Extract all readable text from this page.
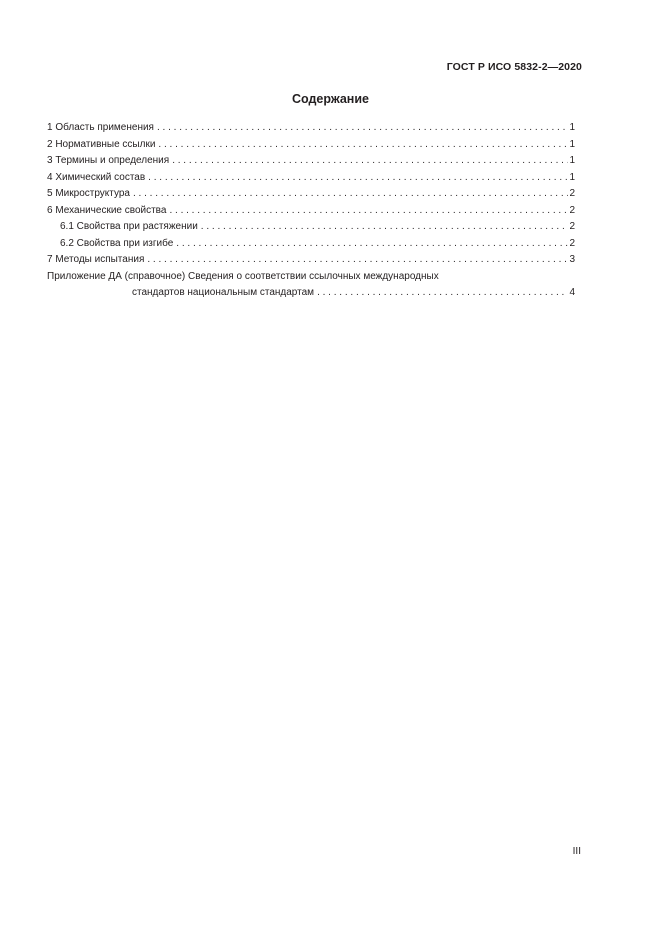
ГОСТ Р ИСО 5832-2—2020
Содержание
1 Область применения . . .	1
2 Нормативные ссылки . . .	1
3 Термины и определения . . .	1
4 Химический состав . . .	1
5 Микроструктура . . .	2
6 Механические свойства . . .	2
6.1 Свойства при растяжении . . .	2
6.2 Свойства при изгибе . . .	2
7 Методы испытания . . .	3
Приложение ДА (справочное) Сведения о соответствии ссылочных международных
стандартов национальным стандартам . . .	4
III
